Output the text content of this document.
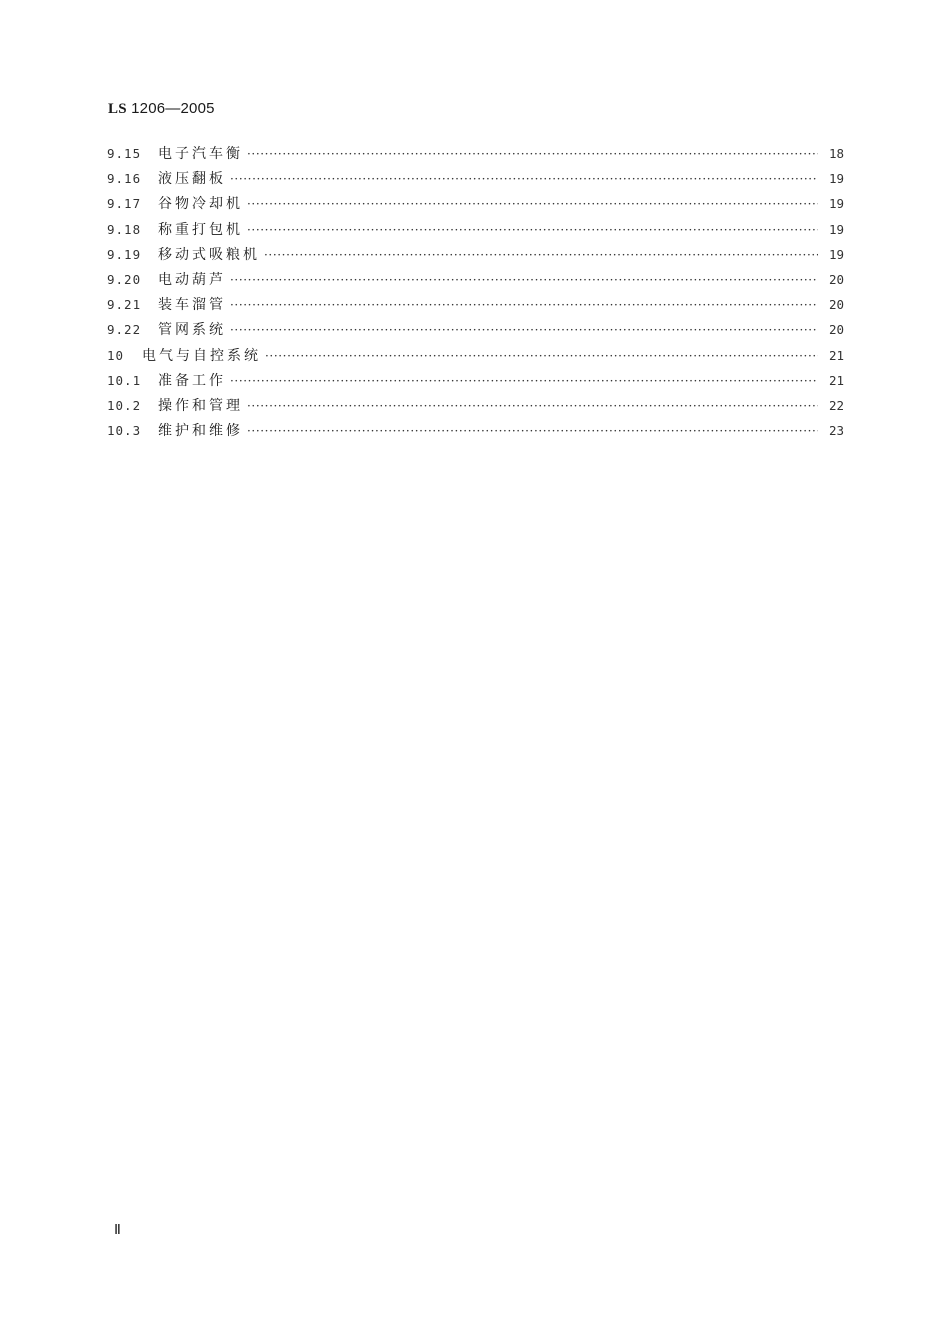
LS 1206—2005
9.15	电子汽车衡 ·····	18
9.16	液压翻板 ·····	19
9.17	谷物冷却机 ·····	19
9.18	称重打包机 ·····	19
9.19	移动式吸粮机 ·····	19
9.20	电动葫芦 ·····	20
9.21	装车溜管 ·····	20
9.22	管网系统 ·····	20
10	电气与自控系统 ·····	21
10.1	准备工作 ·····	21
10.2	操作和管理 ·····	22
10.3	维护和维修 ·····	23
Ⅱ
